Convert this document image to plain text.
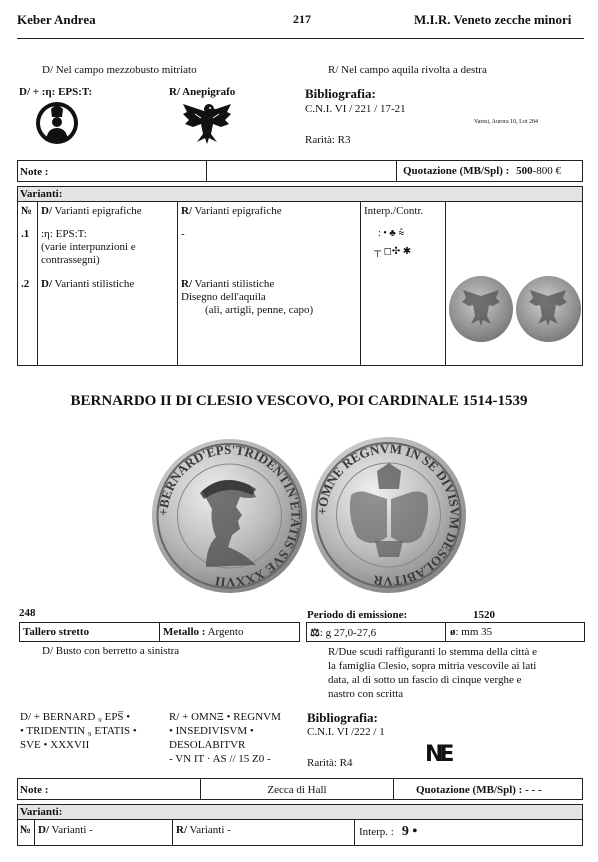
Keber Andrea	217	M.I.R. Veneto zecche minori
D/ Nel campo mezzobusto mitriato	R/ Nel campo aquila rivolta a destra
D/ + :η: EPS:T:	R/ Anepigrafo	Bibliografia:
C.N.I. VI / 221 / 17-21
Varesi, Aurora 10, Lot 284
Rarità: R3
Note :	Quotazione (MB/Spl) : 500-800 €
Varianti:
№ D/ Varianti epigrafiche	R/ Varianti epigrafiche	Interp./Contr.
.1 :η: EPS:T:
(varie interpunzioni e
contrassegni)
-	: • ♣ ⩯
┬ ◻✣ ✱
.2 D/ Varianti stilistiche	R/ Varianti stilistiche
Disegno dell'aquila
(ali, artigli, penne, capo)
BERNARDO II DI CLESIO VESCOVO, POI CARDINALE 1514-1539
+BERNARD'EPS'TRIDENTIN'ETATIS SVE XXXVII
+OMNE REGNVM IN SE DIVISVM DESOLABITVR
248	Periodo di emissione:	1520
Tallero stretto	Metallo : Argento	⚖: g 27,0-27,6	ø: mm 35
D/ Busto con berretto a sinistra	R/Due scudi raffiguranti lo stemma della città e
la famiglia Clesio, sopra mitria vescovile ai lati
data, al di sotto un fascio di cinque verghe e
nastro con scritta
D/ + BERNARD ₉ EPS̅ •
• TRIDENTIN ₉ ETATIS •
SVE • XXXVII
R/ + OMNΞ • REGNVM
• INSEDIVISVM •
DESOLABITVR
- VN IT · AS // 15 Z0 -
Bibliografia:
C.N.I. VI /222 / 1
NE
Rarità: R4
Note :	Zecca di Hall	Quotazione (MB/Spl) : - - -
Varianti:
№ D/ Varianti -	R/ Varianti -	Interp. : 9 •
